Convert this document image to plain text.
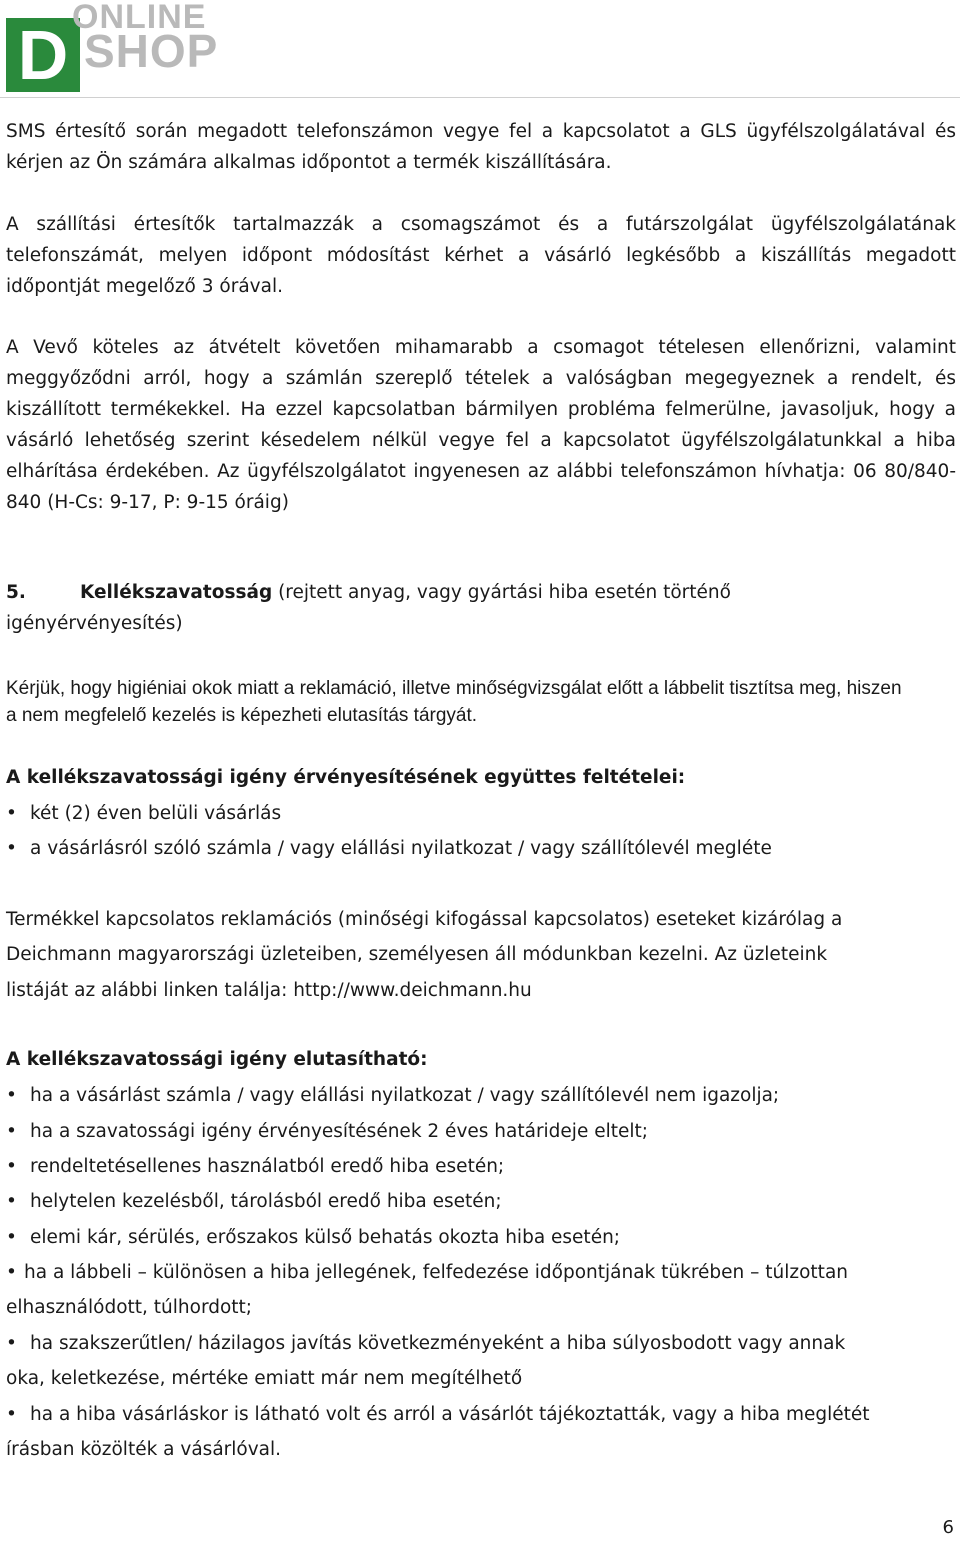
D ONLINE
SHOP

SMS értesítő során megadott telefonszámon vegye fel a kapcsolatot a GLS ügyfélszolgálatával és kérjen az Ön számára alkalmas időpontot a termék kiszállítására.

A szállítási értesítők tartalmazzák a csomagszámot és a futárszolgálat ügyfélszolgálatának telefonszámát, melyen időpont módosítást kérhet a vásárló legkésőbb a kiszállítás megadott időpontját megelőző 3 órával.

A Vevő köteles az átvételt követően mihamarabb a csomagot tételesen ellenőrizni, valamint meggyőződni arról, hogy a számlán szereplő tételek a valóságban megegyeznek a rendelt, és kiszállított termékekkel. Ha ezzel kapcsolatban bármilyen probléma felmerülne, javasoljuk, hogy a vásárló lehetőség szerint késedelem nélkül vegye fel a kapcsolatot ügyfélszolgálatunkkal a hiba elhárítása érdekében. Az ügyfélszolgálatot ingyenesen az alábbi telefonszámon hívhatja: 06 80/840-840 (H-Cs: 9-17, P: 9-15 óráig)

5.	Kellékszavatosság (rejtett anyag, vagy gyártási hiba esetén történő
igényérvényesítés)

Kérjük, hogy higiéniai okok miatt a reklamáció, illetve minőségvizsgálat előtt a lábbelit tisztítsa meg, hiszen a nem megfelelő kezelés is képezheti elutasítás tárgyát.

A kellékszavatossági igény érvényesítésének együttes feltételei:

• két (2) éven belüli vásárlás

• a vásárlásról szóló számla / vagy elállási nyilatkozat / vagy szállítólevél megléte

Termékkel kapcsolatos reklamációs (minőségi kifogással kapcsolatos) eseteket kizárólag a

Deichmann magyarországi üzleteiben, személyesen áll módunkban kezelni. Az üzleteink

listáját az alábbi linken találja: http://www.deichmann.hu

A kellékszavatossági igény elutasítható:

• ha a vásárlást számla / vagy elállási nyilatkozat / vagy szállítólevél nem igazolja;

• ha a szavatossági igény érvényesítésének 2 éves határideje eltelt;

• rendeltetésellenes használatból eredő hiba esetén;

• helytelen kezelésből, tárolásból eredő hiba esetén;

• elemi kár, sérülés, erőszakos külső behatás okozta hiba esetén;

• ha a lábbeli – különösen a hiba jellegének, felfedezése időpontjának tükrében – túlzottan

elhasználódott, túlhordott;

• ha szakszerűtlen/ házilagos javítás következményeként a hiba súlyosbodott vagy annak

oka, keletkezése, mértéke emiatt már nem megítélhető

• ha a hiba vásárláskor is látható volt és arról a vásárlót tájékoztatták, vagy a hiba meglétét

írásban közölték a vásárlóval.

6
